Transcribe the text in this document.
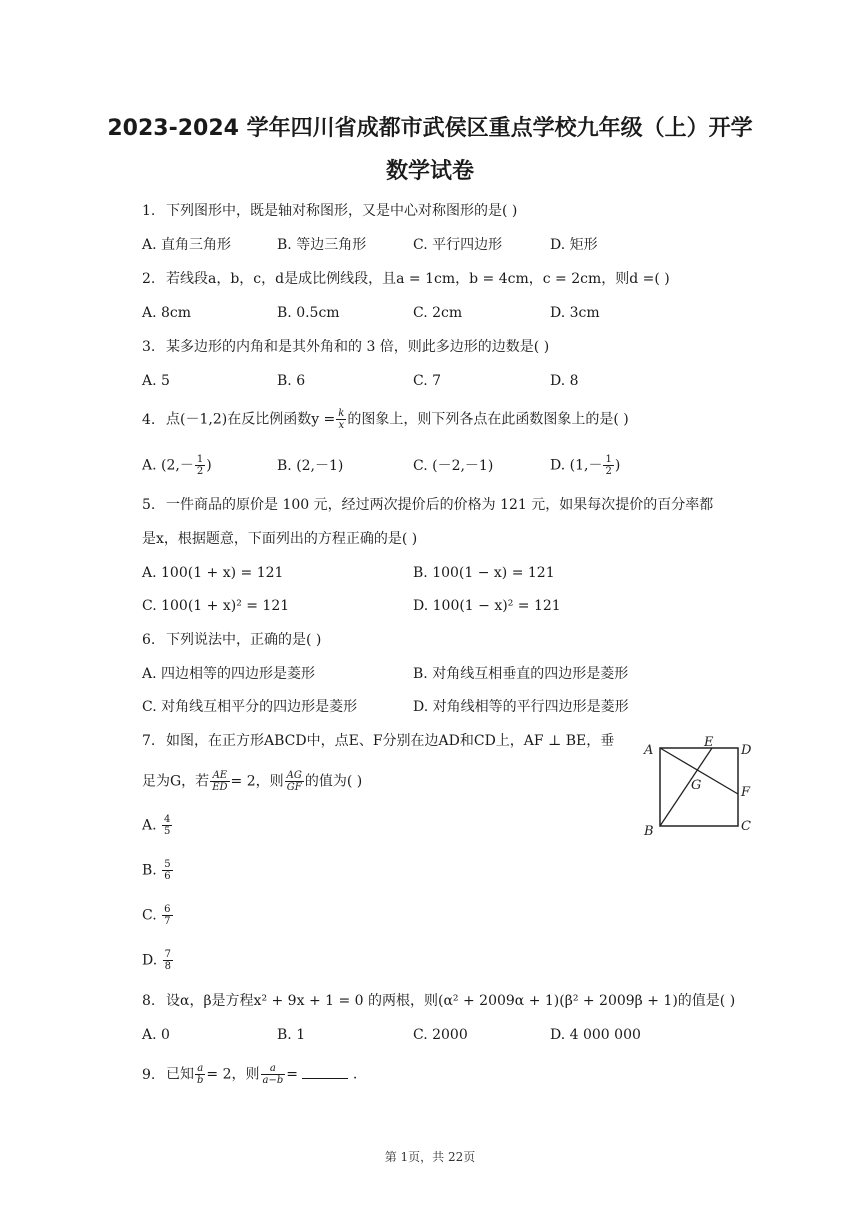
2023-2024 学年四川省成都市武侯区重点学校九年级（上）开学
数学试卷
1. 下列图形中，既是轴对称图形，又是中心对称图形的是( )
A. 直角三角形	B. 等边三角形	C. 平行四边形	D. 矩形
2. 若线段a，b，c，d是成比例线段，且a = 1cm，b = 4cm，c = 2cm，则d =( )
A. 8cm	B. 0.5cm	C. 2cm	D. 3cm
3. 某多边形的内角和是其外角和的 3 倍，则此多边形的边数是( )
A. 5	B. 6	C. 7	D. 8
4. 点(－1,2)在反比例函数$y = \frac{k}{x}$ 的图象上，则下列各点在此函数图象上的是( )
A. ($2,- \frac{1}{2}$ )	B. (2,－1)	C. (－2,－1)	D. ($1,- \frac{1}{2}$ )
5. 一件商品的原价是 100 元，经过两次提价后的价格为 121 元，如果每次提价的百分率都
是x，根据题意，下面列出的方程正确的是( )
A. 100(1 + x) = 121	B. 100(1 − x) = 121
C. 100(1 + x)² = 121	D. 100(1 − x)² = 121
6. 下列说法中，正确的是( )
A. 四边相等的四边形是菱形	B. 对角线互相垂直的四边形是菱形
C. 对角线互相平分的四边形是菱形	D. 对角线相等的平行四边形是菱形
7. 如图，在正方形ABCD中，点E、F分别在边AD和CD上，AF ⊥ BE，垂
足为G，若 $\frac{AE}{ED} = 2$，则 $\frac{AG}{GF}$ 的值为( )
A. $\frac{4}{5}$
B. $\frac{5}{6}$
C. $\frac{6}{7}$
D. $\frac{7}{8}$
A
B	C
D
E
F
G
8. 设α，β是方程x² + 9x + 1 = 0 的两根，则(α² + 2009α + 1)(β² + 2009β + 1)的值是( )
A. 0	B. 1	C. 2000	D. 4 000 000
9. 已知 $\frac{a}{b} = 2$，则 $\frac{a}{a-b}$ =	.
第 1页，共 22页
